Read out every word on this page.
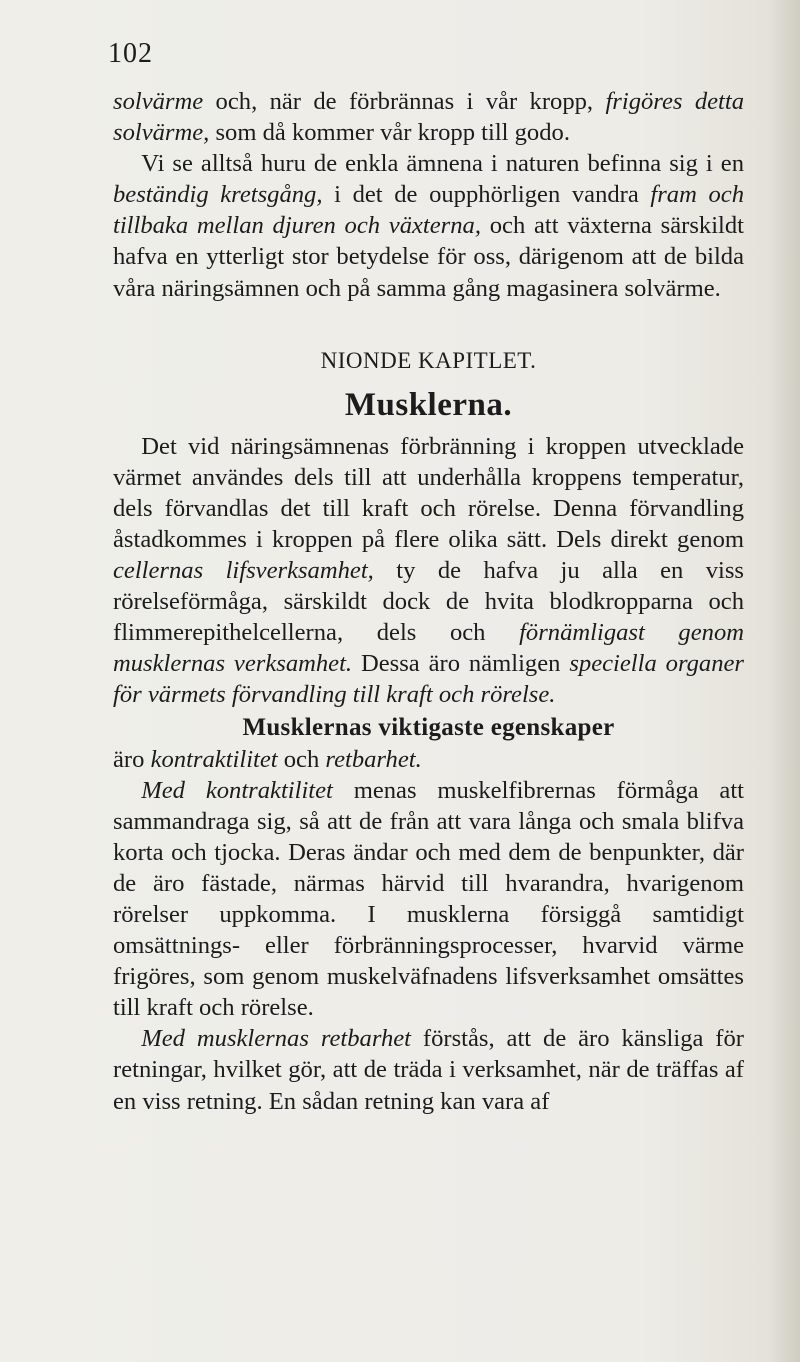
102

solvärme och, när de förbrännas i vår kropp, frigöres detta solvärme, som då kommer vår kropp till godo.

Vi se alltså huru de enkla ämnena i naturen befinna sig i en beständig kretsgång, i det de oupphörligen vandra fram och tillbaka mellan djuren och växterna, och att växterna särskildt hafva en ytterligt stor betydelse för oss, därigenom att de bilda våra näringsämnen och på samma gång magasinera solvärme.

NIONDE KAPITLET.
Musklerna.

Det vid näringsämnenas förbränning i kroppen utvecklade värmet användes dels till att underhålla kroppens temperatur, dels förvandlas det till kraft och rörelse. Denna förvandling åstadkommes i kroppen på flere olika sätt. Dels direkt genom cellernas lifsverksamhet, ty de hafva ju alla en viss rörelseförmåga, särskildt dock de hvita blodkropparna och flimmerepithelcellerna, dels och förnämligast genom musklernas verksamhet. Dessa äro nämligen speciella organer för värmets förvandling till kraft och rörelse.

Musklernas viktigaste egenskaper

äro kontraktilitet och retbarhet.

Med kontraktilitet menas muskelfibrernas förmåga att sammandraga sig, så att de från att vara långa och smala blifva korta och tjocka. Deras ändar och med dem de benpunkter, där de äro fästade, närmas härvid till hvarandra, hvarigenom rörelser uppkomma. I musklerna försiggå samtidigt omsättnings- eller förbränningsprocesser, hvarvid värme frigöres, som genom muskelväfnadens lifsverksamhet omsättes till kraft och rörelse.

Med musklernas retbarhet förstås, att de äro känsliga för retningar, hvilket gör, att de träda i verksamhet, när de träffas af en viss retning. En sådan retning kan vara af
